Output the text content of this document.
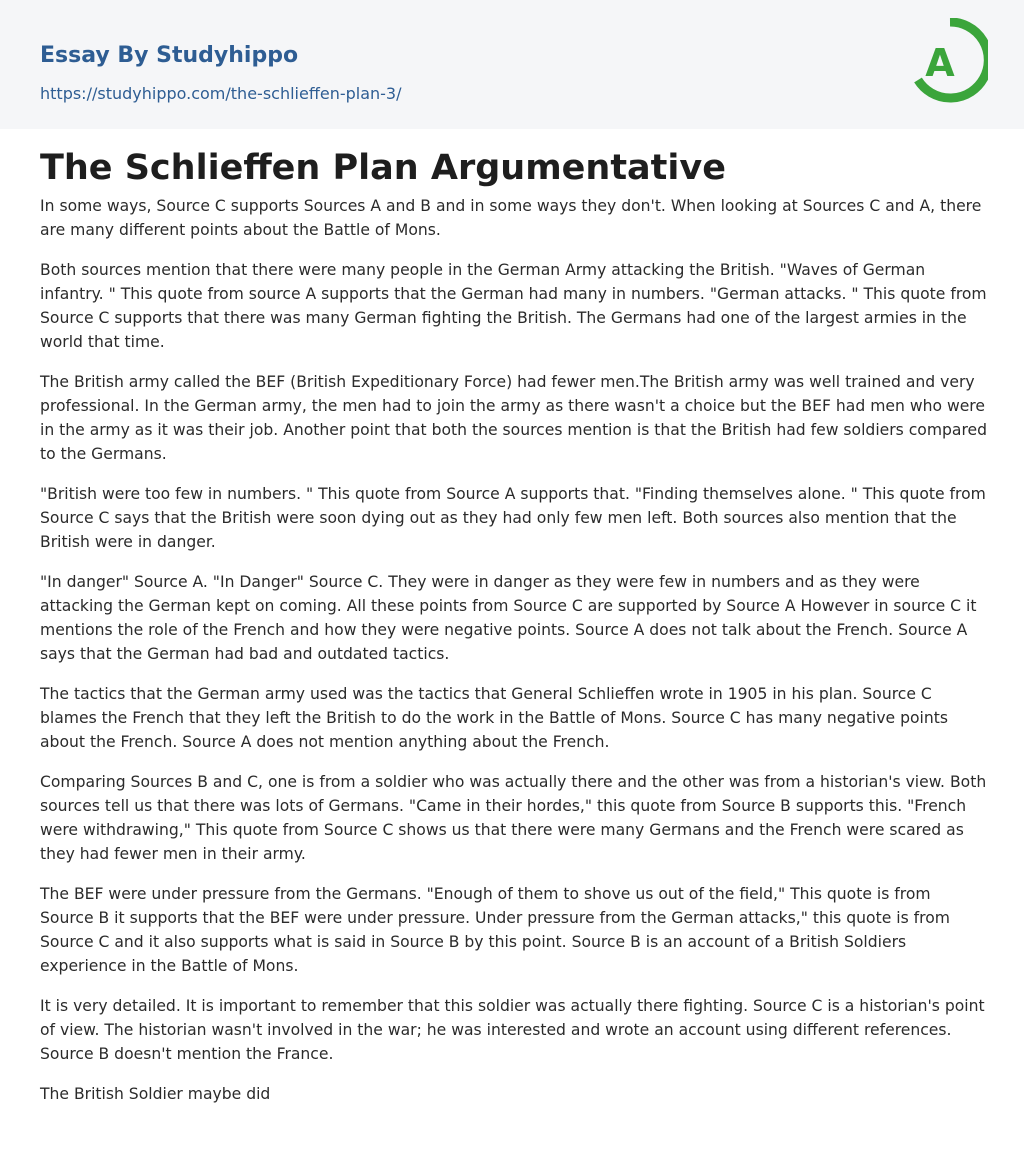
Essay By Studyhippo
https://studyhippo.com/the-schlieffen-plan-3/
A
The Schlieffen Plan Argumentative

In some ways, Source C supports Sources A and B and in some ways they don't. When looking at Sources C and A, there are many different points about the Battle of Mons.

Both sources mention that there were many people in the German Army attacking the British. "Waves of German infantry. " This quote from source A supports that the German had many in numbers. "German attacks. " This quote from Source C supports that there was many German fighting the British. The Germans had one of the largest armies in the world that time.

The British army called the BEF (British Expeditionary Force) had fewer men.The British army was well trained and very professional. In the German army, the men had to join the army as there wasn't a choice but the BEF had men who were in the army as it was their job. Another point that both the sources mention is that the British had few soldiers compared to the Germans.

"British were too few in numbers. " This quote from Source A supports that. "Finding themselves alone. " This quote from Source C says that the British were soon dying out as they had only few men left. Both sources also mention that the British were in danger.

"In danger" Source A. "In Danger" Source C. They were in danger as they were few in numbers and as they were attacking the German kept on coming. All these points from Source C are supported by Source A However in source C it mentions the role of the French and how they were negative points. Source A does not talk about the French. Source A says that the German had bad and outdated tactics.

The tactics that the German army used was the tactics that General Schlieffen wrote in 1905 in his plan. Source C blames the French that they left the British to do the work in the Battle of Mons. Source C has many negative points about the French. Source A does not mention anything about the French.

Comparing Sources B and C, one is from a soldier who was actually there and the other was from a historian's view. Both sources tell us that there was lots of Germans. "Came in their hordes," this quote from Source B supports this. "French were withdrawing," This quote from Source C shows us that there were many Germans and the French were scared as they had fewer men in their army.

The BEF were under pressure from the Germans. "Enough of them to shove us out of the field," This quote is from Source B it supports that the BEF were under pressure. Under pressure from the German attacks," this quote is from Source C and it also supports what is said in Source B by this point. Source B is an account of a British Soldiers experience in the Battle of Mons.

It is very detailed. It is important to remember that this soldier was actually there fighting. Source C is a historian's point of view. The historian wasn't involved in the war; he was interested and wrote an account using different references. Source B doesn't mention the France.

The British Soldier maybe did
